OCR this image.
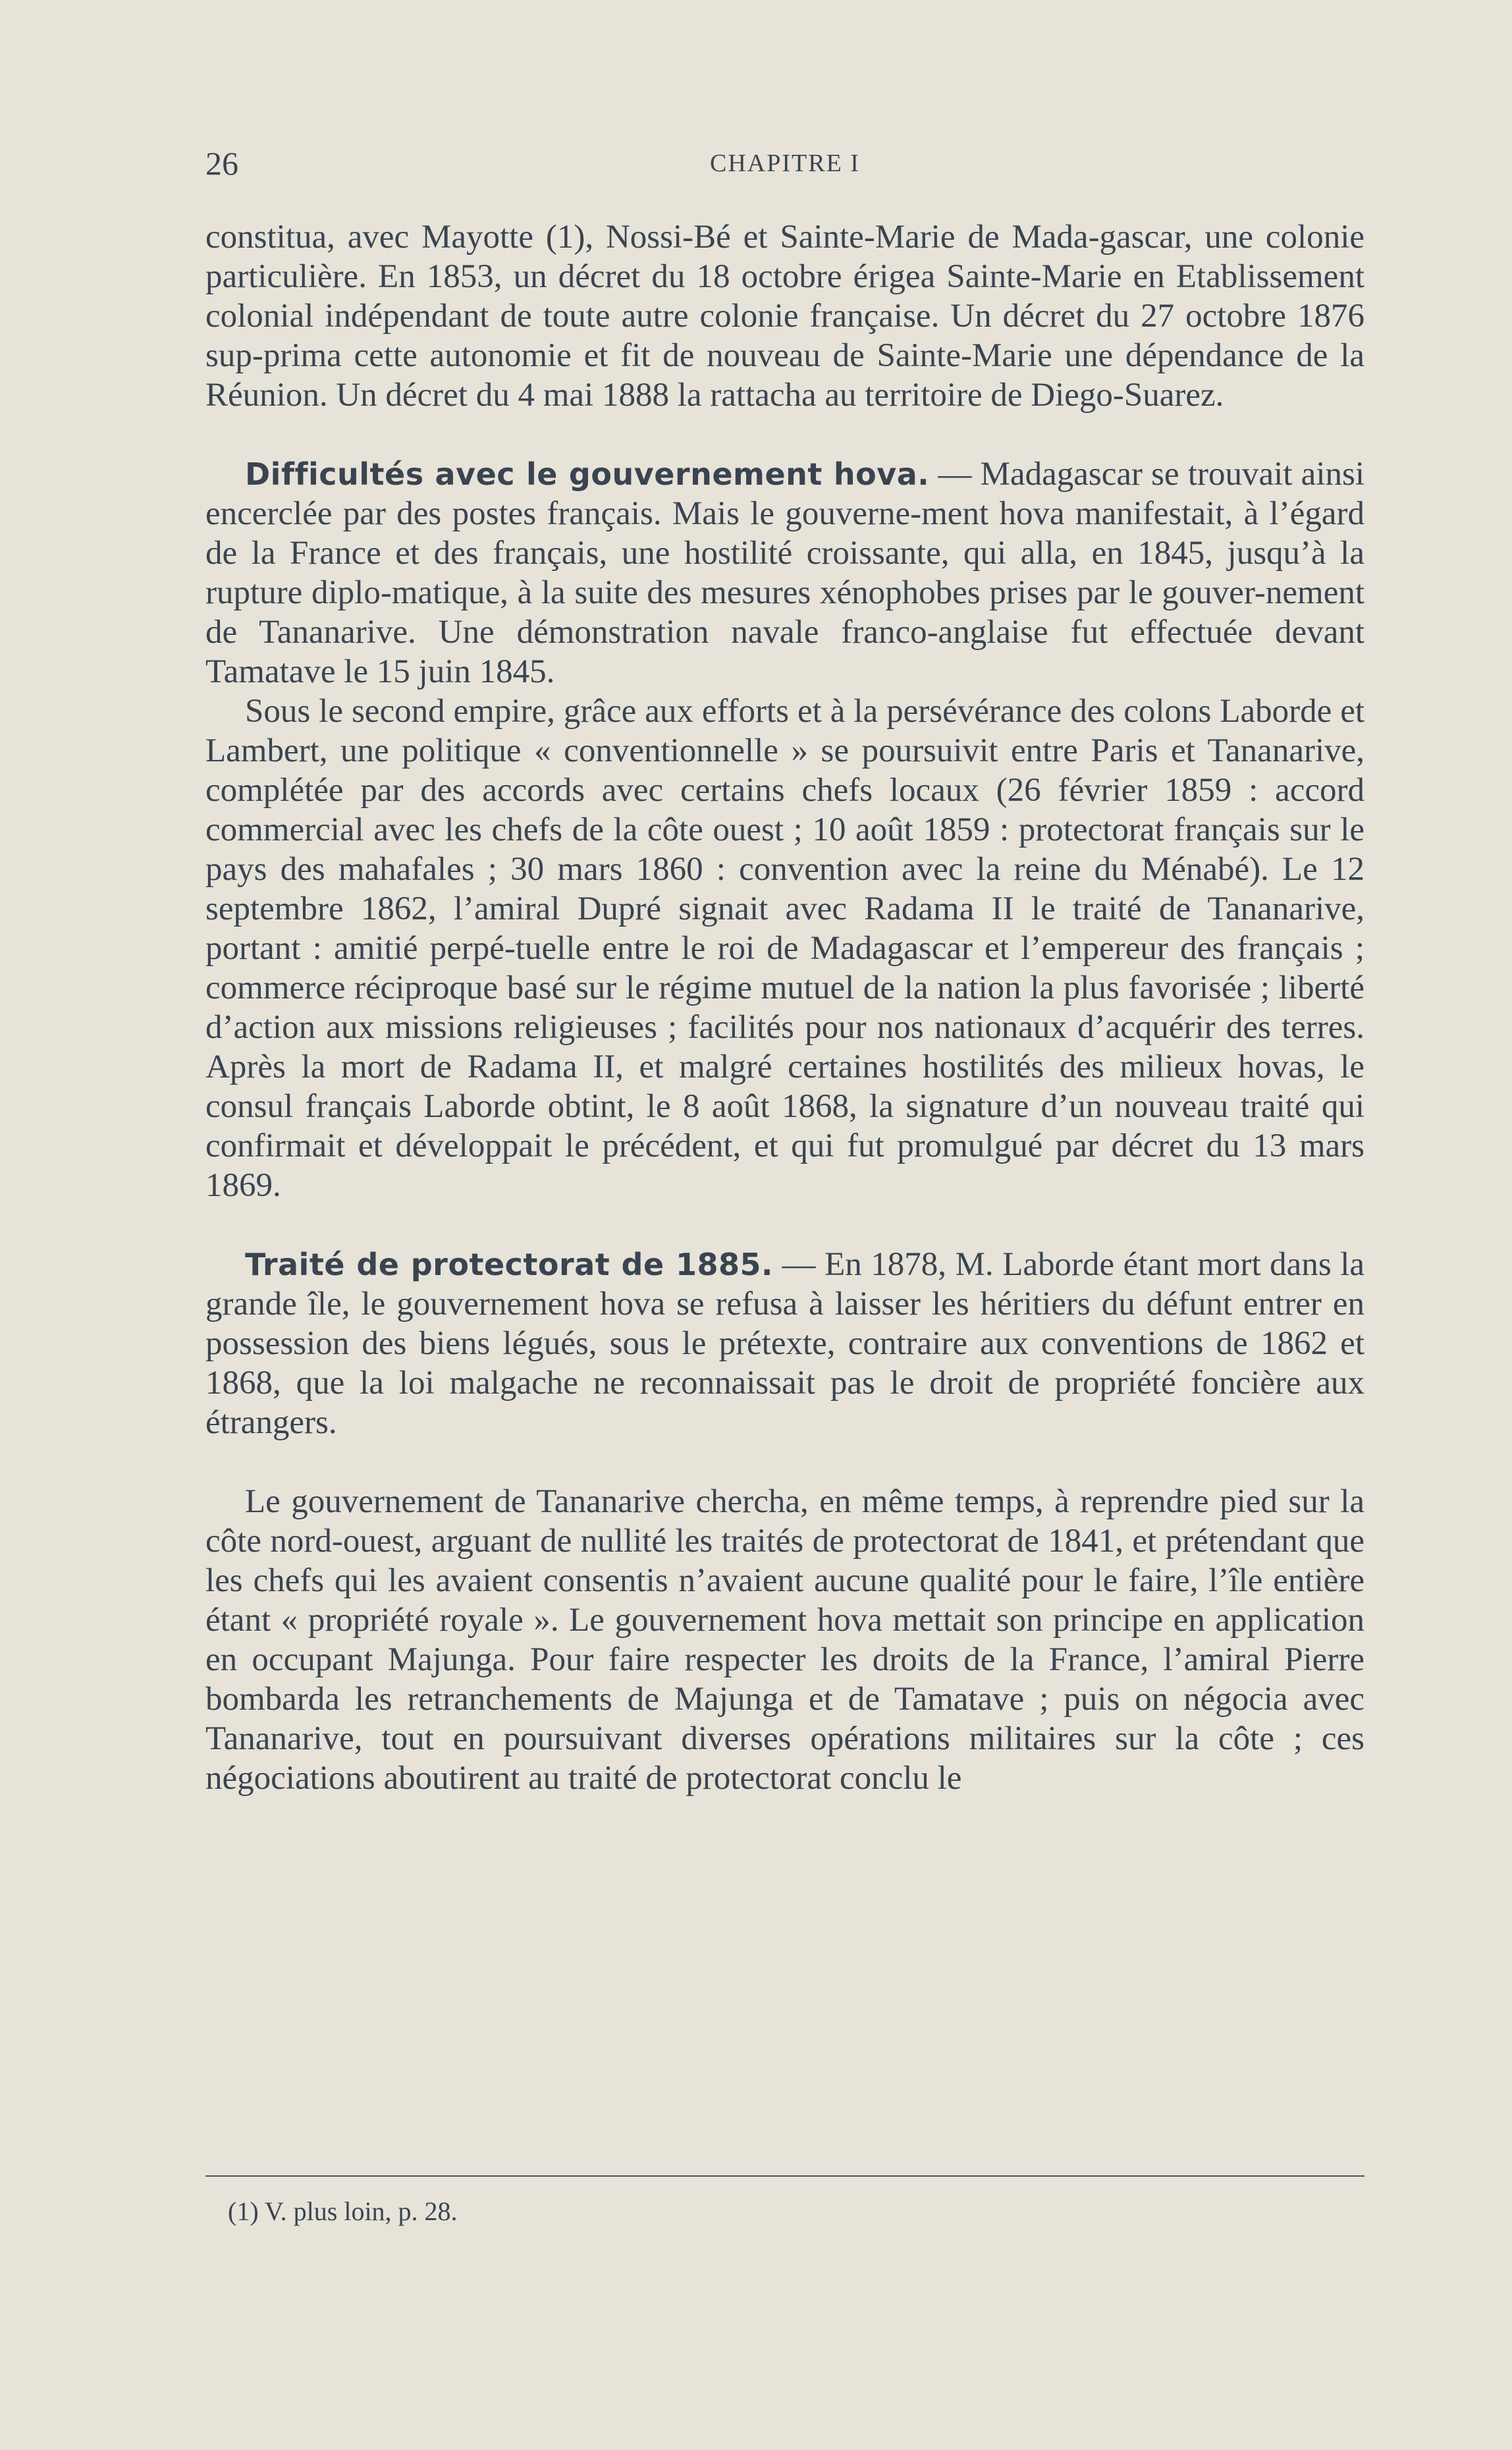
26	CHAPITRE I

constitua, avec Mayotte (1), Nossi-Bé et Sainte-Marie de Mada-gascar, une colonie particulière. En 1853, un décret du 18 octobre érigea Sainte-Marie en Etablissement colonial indépendant de toute autre colonie française. Un décret du 27 octobre 1876 sup-prima cette autonomie et fit de nouveau de Sainte-Marie une dépendance de la Réunion. Un décret du 4 mai 1888 la rattacha au territoire de Diego-Suarez.

Difficultés avec le gouvernement hova. — Madagascar se trouvait ainsi encerclée par des postes français. Mais le gouverne-ment hova manifestait, à l’égard de la France et des français, une hostilité croissante, qui alla, en 1845, jusqu’à la rupture diplo-matique, à la suite des mesures xénophobes prises par le gouver-nement de Tananarive. Une démonstration navale franco-anglaise fut effectuée devant Tamatave le 15 juin 1845.

Sous le second empire, grâce aux efforts et à la persévérance des colons Laborde et Lambert, une politique « conventionnelle » se poursuivit entre Paris et Tananarive, complétée par des accords avec certains chefs locaux (26 février 1859 : accord commercial avec les chefs de la côte ouest ; 10 août 1859 : protectorat français sur le pays des mahafales ; 30 mars 1860 : convention avec la reine du Ménabé). Le 12 septembre 1862, l’amiral Dupré signait avec Radama II le traité de Tananarive, portant : amitié perpé-tuelle entre le roi de Madagascar et l’empereur des français ; commerce réciproque basé sur le régime mutuel de la nation la plus favorisée ; liberté d’action aux missions religieuses ; facilités pour nos nationaux d’acquérir des terres. Après la mort de Radama II, et malgré certaines hostilités des milieux hovas, le consul français Laborde obtint, le 8 août 1868, la signature d’un nouveau traité qui confirmait et développait le précédent, et qui fut promulgué par décret du 13 mars 1869.

Traité de protectorat de 1885. — En 1878, M. Laborde étant mort dans la grande île, le gouvernement hova se refusa à laisser les héritiers du défunt entrer en possession des biens légués, sous le prétexte, contraire aux conventions de 1862 et 1868, que la loi malgache ne reconnaissait pas le droit de propriété foncière aux étrangers.

Le gouvernement de Tananarive chercha, en même temps, à reprendre pied sur la côte nord-ouest, arguant de nullité les traités de protectorat de 1841, et prétendant que les chefs qui les avaient consentis n’avaient aucune qualité pour le faire, l’île entière étant « propriété royale ». Le gouvernement hova mettait son principe en application en occupant Majunga. Pour faire respecter les droits de la France, l’amiral Pierre bombarda les retranchements de Majunga et de Tamatave ; puis on négocia avec Tananarive, tout en poursuivant diverses opérations militaires sur la côte ; ces négociations aboutirent au traité de protectorat conclu le

(1) V. plus loin, p. 28.
